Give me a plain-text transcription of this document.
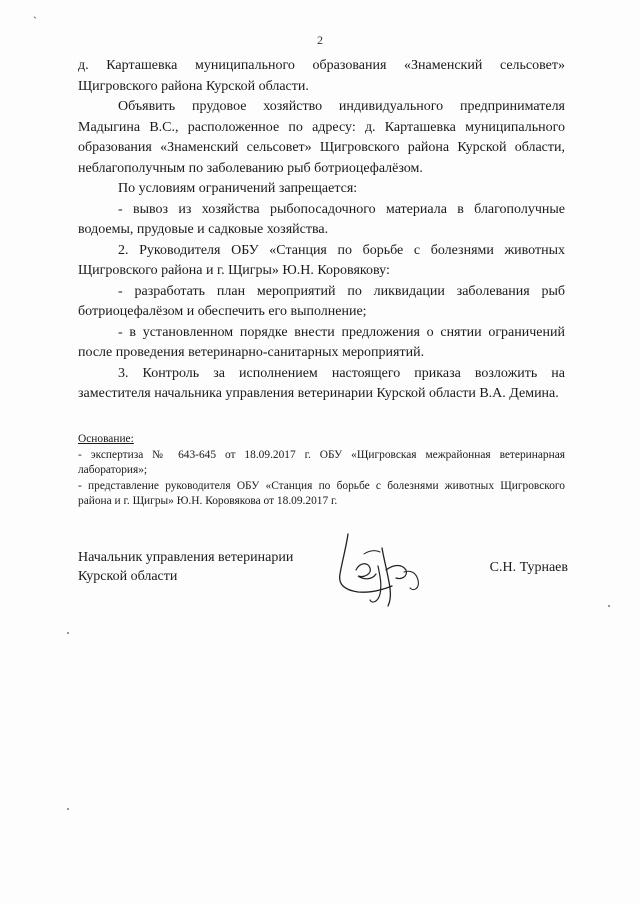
`
2

д. Карташевка муниципального образования «Знаменский сельсовет» Щигровского района Курской области.

Объявить прудовое хозяйство индивидуального предпринимателя Мадыгина В.С., расположенное по адресу: д. Карташевка муниципального образования «Знаменский сельсовет» Щигровского района Курской области, неблагополучным по заболеванию рыб ботриоцефалёзом.

По условиям ограничений запрещается:

- вывоз из хозяйства рыбопосадочного материала в благополучные водоемы, прудовые и садковые хозяйства.

2. Руководителя ОБУ «Станция по борьбе с болезнями животных Щигровского района и г. Щигры» Ю.Н. Коровякову:

- разработать план мероприятий по ликвидации заболевания рыб ботриоцефалёзом и обеспечить его выполнение;

- в установленном порядке внести предложения о снятии ограничений после проведения ветеринарно-санитарных мероприятий.

3. Контроль за исполнением настоящего приказа возложить на заместителя начальника управления ветеринарии Курской области В.А. Демина.

Основание:

- экспертиза № 643-645 от 18.09.2017 г. ОБУ «Щигровская межрайонная ветеринарная лаборатория»;

- представление руководителя ОБУ «Станция по борьбе с болезнями животных Щигровского района и г. Щигры» Ю.Н. Коровякова от 18.09.2017 г.

Начальник управления ветеринарии
Курской области
С.Н. Турнаев
